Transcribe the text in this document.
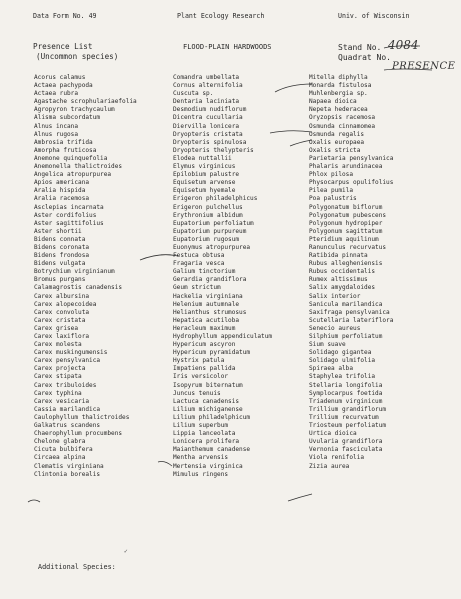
Data Form No. 49	Plant Ecology Research	Univ. of Wisconsin
Presence List
(Uncommon species)
FLOOD-PLAIN HARDWOODS	Stand No. 4084
Quadrat No.
PRESENCE
Acorus calamus
Actaea pachypoda
Actaea rubra
Agastache scrophulariaefolia
Agropyron trachycaulum
Alisma subcordatum
Alnus incana
Alnus rugosa
Ambrosia trifida
Amorpha fruticosa
Anemone quinquefolia
Anemonella thalictroides
Angelica atropurpurea
Apios americana
Aralia hispida
Aralia racemosa
Asclepias incarnata
Aster cordifolius
Aster sagittifolius
Aster shortii
Bidens connata
Bidens coronata
Bidens frondosa
Bidens vulgata
Botrychium virginianum
Bromus purgans
Calamagrostis canadensis
Carex albursina
Carex alopecoidea
Carex convoluta
Carex cristata
Carex grisea
Carex laxiflora
Carex molesta
Carex muskingumensis
Carex pensylvanica
Carex projecta
Carex stipata
Carex tribuloides
Carex typhina
Carex vesicaria
Cassia marilandica
Caulophyllum thalictroides
Galkatrus scandens
Chaerophyllum procumbens
Chelone glabra
Cicuta bulbifera
Circaea alpina
Clematis virginiana
Clintonia borealis
Comandra umbellata
Cornus alternifolia
Cuscuta sp.
Dentaria laciniata
Desmodium nudiflorum
Dicentra cucullaria
Diervilla lonicera
Dryopteris cristata
Dryopteris spinulosa
Dryopteris thelypteris
Elodea nuttallii
Elymus virginicus
Epilobium palustre
Equisetum arvense
Equisetum hyemale
Erigeron philadelphicus
Erigeron pulchellus
Erythronium albidum
Eupatorium perfoliatum
Eupatorium purpureum
Eupatorium rugosum
Euonymus atropurpurea
Festuca obtusa
Fragaria vesca
Galium tinctorium
Gerardia grandiflora
Geum strictum
Hackelia virginiana
Helenium autumnale
Helianthus strumosus
Hepatica acutiloba
Heracleum maximum
Hydrophyllum appendiculatum
Hypericum ascyron
Hypericum pyramidatum
Hystrix patula
Impatiens pallida
Iris versicolor
Isopyrum biternatum
Juncus tenuis
Lactuca canadensis
Lilium michiganense
Lilium philadelphicum
Lilium superbum
Lippia lanceolata
Lonicera prolifera
Maianthemum canadense
Mentha arvensis
Mertensia virginica
Mimulus ringens
Mitella diphylla
Monarda fistulosa
Muhlenbergia sp.
Napaea dioica
Nepeta hederacea
Oryzopsis racemosa
Osmunda cinnamomea
Osmunda regalis
Oxalis europaea
Oxalis stricta
Parietaria pensylvanica
Phalaris arundinacea
Phlox pilosa
Physocarpus opulifolius
Pilea pumila
Poa palustris
Polygonatum biflorum
Polygonatum pubescens
Polygonum hydropiper
Polygonum sagittatum
Pteridium aquilinum
Ranunculus recurvatus
Ratibida pinnata
Rubus allegheniensis
Rubus occidentalis
Rumex altissimus
Salix amygdaloides
Salix interior
Sanicula marilandica
Saxifraga pensylvanica
Scutellaria lateriflora
Senecio aureus
Silphium perfoliatum
Sium suave
Solidago gigantea
Solidago ulmifolia
Spiraea alba
Staphylea trifolia
Stellaria longifolia
Symplocarpus foetida
Triadenum virginicum
Trillium grandiflorum
Trillium recurvatum
Triosteum perfoliatum
Urtica dioica
Uvularia grandiflora
Vernonia fasciculata
Viola renifolia
Zizia aurea
Additional Species:
✓
